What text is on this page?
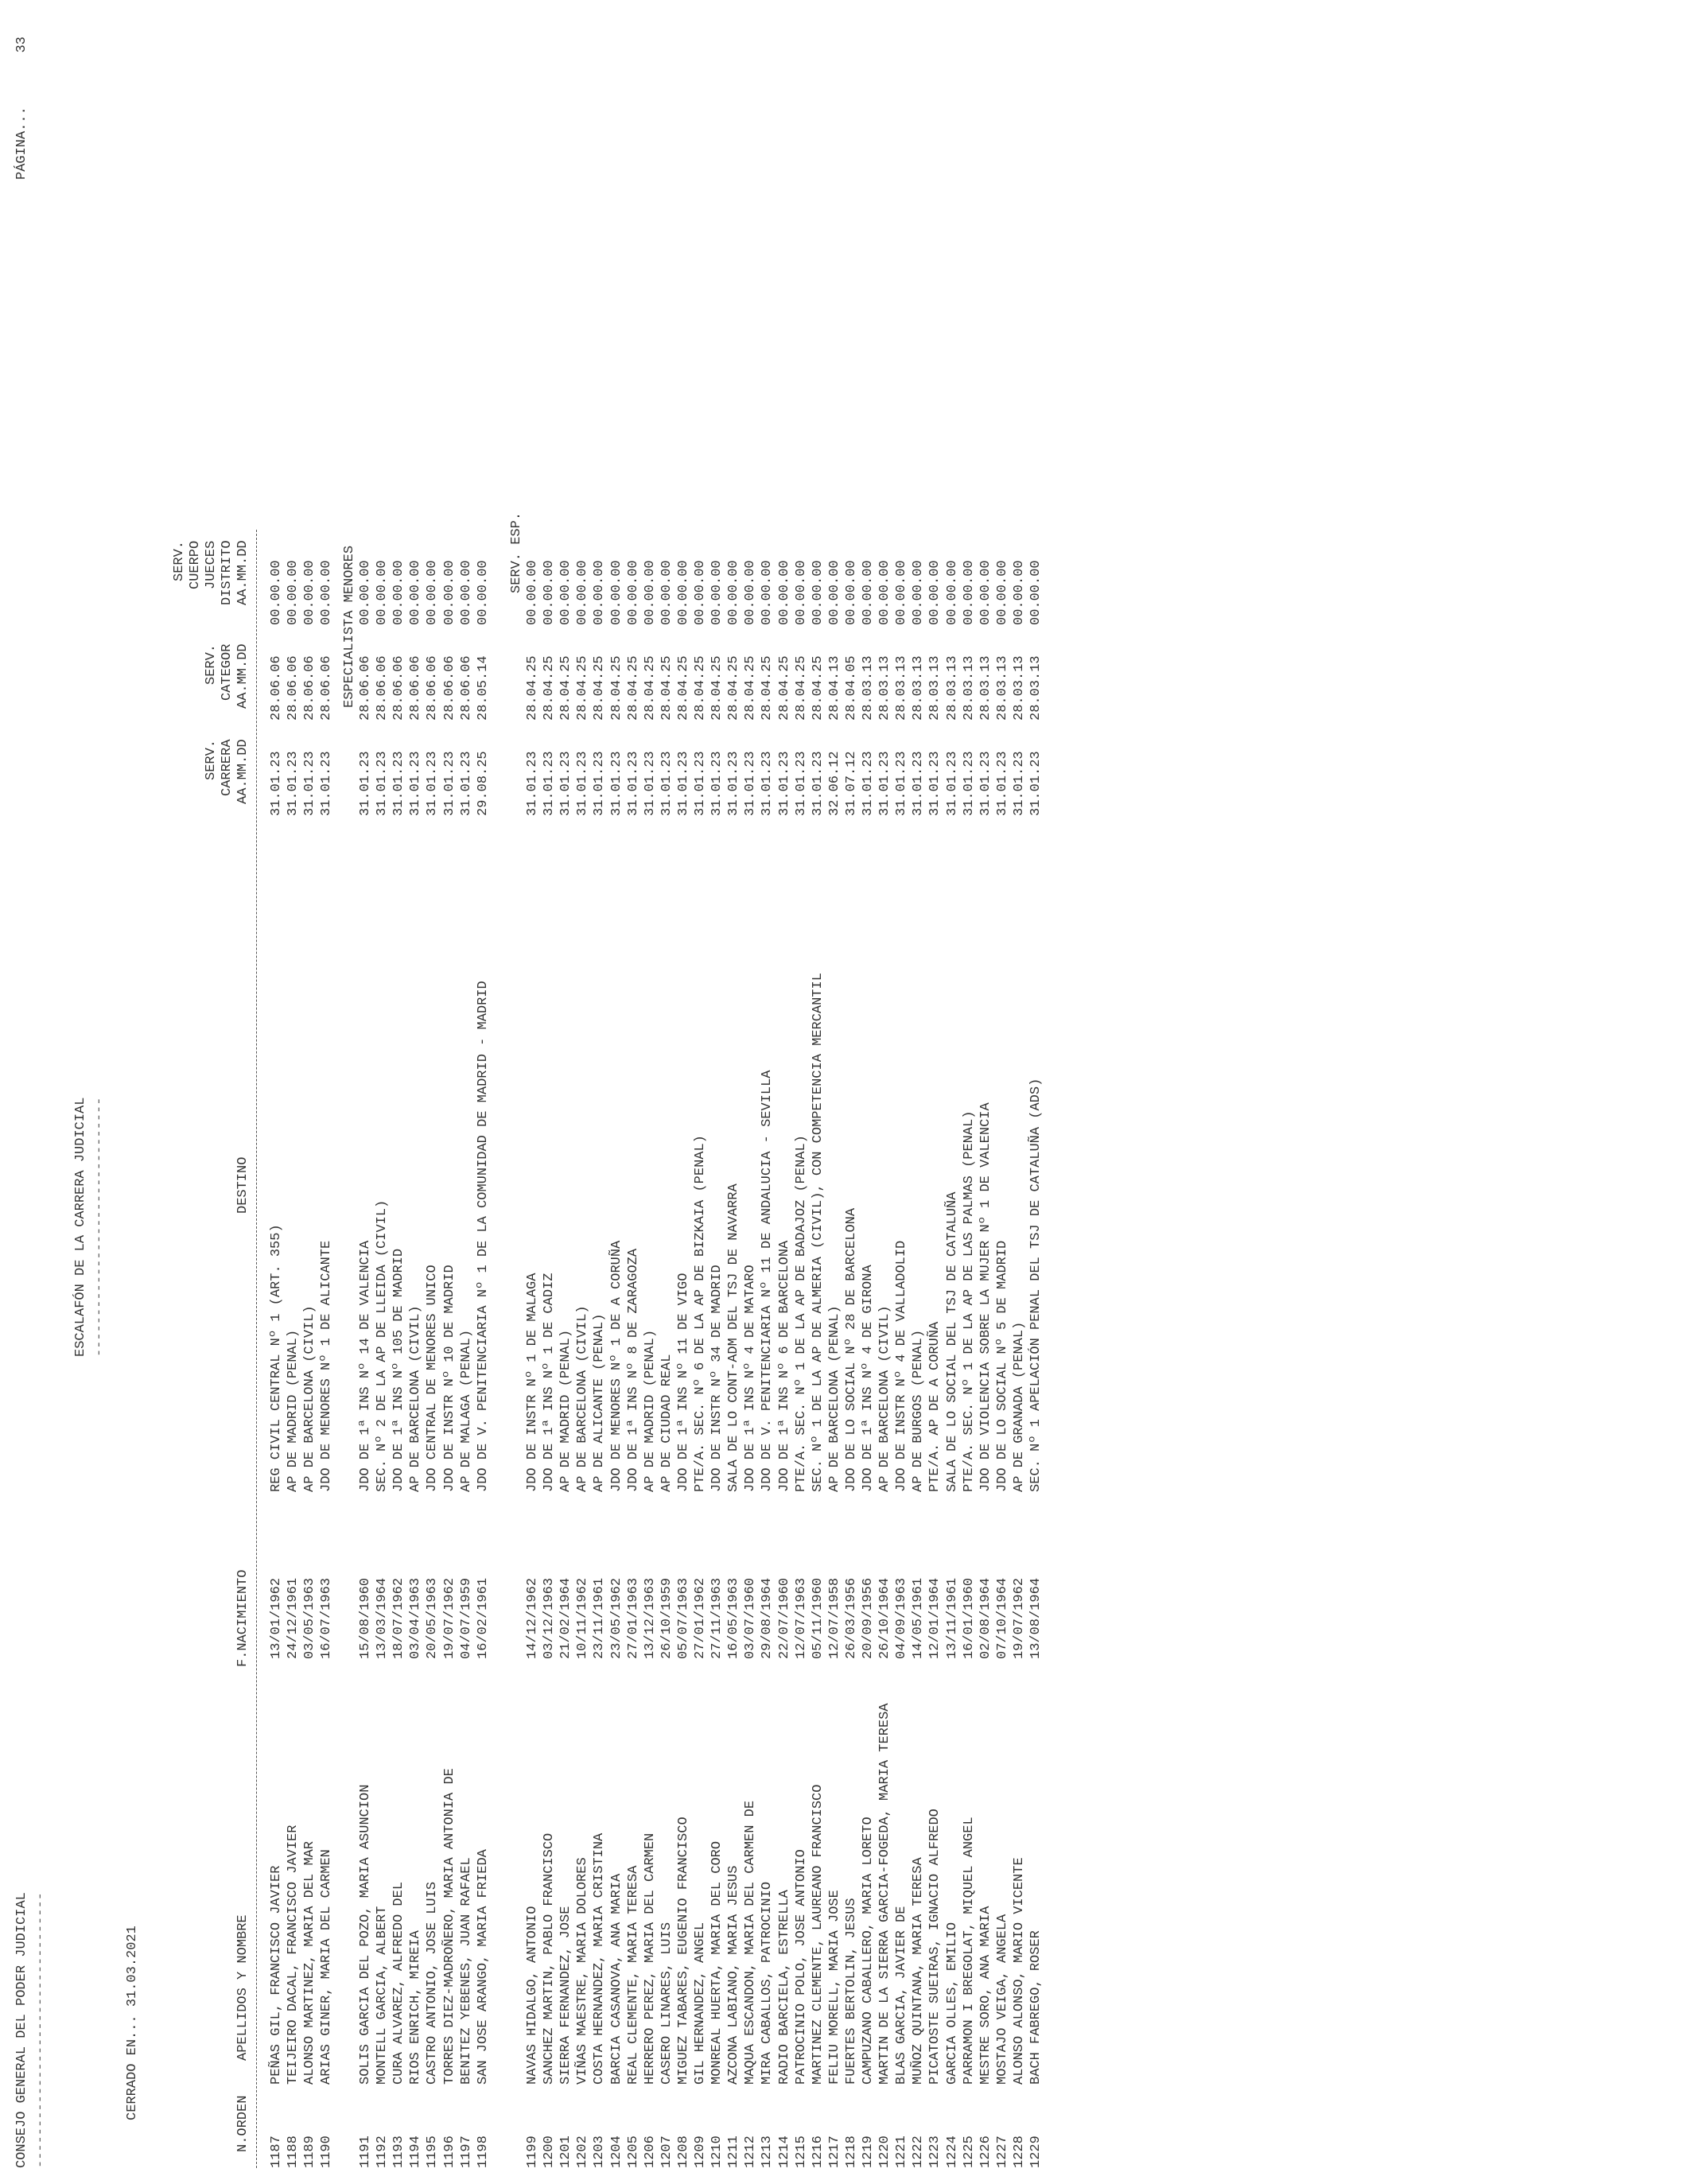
CONSEJO GENERAL DEL PODER JUDICIAL ----------------------------------
ESCALAFÓN DE LA CARRERA JUDICIAL --------------------------------
PÁGINA...
33
CERRADO EN... 31.03.2021
N.ORDEN
APELLIDOS Y NOMBRE
F.NACIMIENTO
DESTINO
SERV. CARRERA AA.MM.DD
SERV. CATEGOR AA.MM.DD
SERV. CUERPO JUECES DISTRITO AA.MM.DD
1187
PEÑAS GIL, FRANCISCO JAVIER
13/01/1962
REG CIVIL CENTRAL Nº 1 (ART. 355)
31.01.23
28.06.06
00.00.00
1188
TEIJEIRO DACAL, FRANCISCO JAVIER
24/12/1961
AP DE MADRID (PENAL)
31.01.23
28.06.06
00.00.00
1189
ALONSO MARTINEZ, MARIA DEL MAR
03/05/1963
AP DE BARCELONA (CIVIL)
31.01.23
28.06.06
00.00.00
1190
ARIAS GINER, MARIA DEL CARMEN
16/07/1963
JDO DE MENORES Nº 1 DE ALICANTE
31.01.23
28.06.06
00.00.00 ESPECIALISTA MENORES
1191
SOLIS GARCIA DEL POZO, MARIA ASUNCION
15/08/1960
JDO DE 1ª INS Nº 14 DE VALENCIA
31.01.23
28.06.06
00.00.00
1192
MONTELL GARCIA, ALBERT
13/03/1964
SEC. Nº 2 DE LA AP DE LLEIDA (CIVIL)
31.01.23
28.06.06
00.00.00
1193
CURA ALVAREZ, ALFREDO DEL
18/07/1962
JDO DE 1ª INS Nº 105 DE MADRID
31.01.23
28.06.06
00.00.00
1194
RIOS ENRICH, MIREIA
03/04/1963
AP DE BARCELONA (CIVIL)
31.01.23
28.06.06
00.00.00
1195
CASTRO ANTONIO, JOSE LUIS
20/05/1963
JDO CENTRAL DE MENORES UNICO
31.01.23
28.06.06
00.00.00
1196
TORRES DIEZ-MADROÑERO, MARIA ANTONIA DE
19/07/1962
JDO DE INSTR Nº 10 DE MADRID
31.01.23
28.06.06
00.00.00
1197
BENITEZ YEBENES, JUAN RAFAEL
04/07/1959
AP DE MALAGA (PENAL)
31.01.23
28.06.06
00.00.00
1198
SAN JOSE ARANGO, MARIA FRIEDA
16/02/1961
JDO DE V. PENITENCIARIA Nº 1 DE LA COMUNIDAD DE MADRID - MADRID
29.08.25
28.05.14
00.00.00 SERV. ESP.
1199
NAVAS HIDALGO, ANTONIO
14/12/1962
JDO DE INSTR Nº 1 DE MALAGA
31.01.23
28.04.25
00.00.00
1200
SANCHEZ MARTIN, PABLO FRANCISCO
03/12/1963
JDO DE 1ª INS Nº 1 DE CADIZ
31.01.23
28.04.25
00.00.00
1201
SIERRA FERNANDEZ, JOSE
21/02/1964
AP DE MADRID (PENAL)
31.01.23
28.04.25
00.00.00
1202
VIÑAS MAESTRE, MARIA DOLORES
10/11/1962
AP DE BARCELONA (CIVIL)
31.01.23
28.04.25
00.00.00
1203
COSTA HERNANDEZ, MARIA CRISTINA
23/11/1961
AP DE ALICANTE (PENAL)
31.01.23
28.04.25
00.00.00
1204
BARCIA CASANOVA, ANA MARIA
23/05/1962
JDO DE MENORES Nº 1 DE A CORUÑA
31.01.23
28.04.25
00.00.00
1205
REAL CLEMENTE, MARIA TERESA
27/01/1963
JDO DE 1ª INS Nº 8 DE ZARAGOZA
31.01.23
28.04.25
00.00.00
1206
HERRERO PEREZ, MARIA DEL CARMEN
13/12/1963
AP DE MADRID (PENAL)
31.01.23
28.04.25
00.00.00
1207
CASERO LINARES, LUIS
26/10/1959
AP DE CIUDAD REAL
31.01.23
28.04.25
00.00.00
1208
MIGUEZ TABARES, EUGENIO FRANCISCO
05/07/1963
JDO DE 1ª INS Nº 11 DE VIGO
31.01.23
28.04.25
00.00.00
1209
GIL HERNANDEZ, ANGEL
27/01/1962
PTE/A. SEC. Nº 6 DE LA AP DE BIZKAIA (PENAL)
31.01.23
28.04.25
00.00.00
1210
MONREAL HUERTA, MARIA DEL CORO
27/11/1963
JDO DE INSTR Nº 34 DE MADRID
31.01.23
28.04.25
00.00.00
1211
AZCONA LABIANO, MARIA JESUS
16/05/1963
SALA DE LO CONT-ADM DEL TSJ DE NAVARRA
31.01.23
28.04.25
00.00.00
1212
MAQUA ESCANDON, MARIA DEL CARMEN DE
03/07/1960
JDO DE 1ª INS Nº 4 DE MATARO
31.01.23
28.04.25
00.00.00
1213
MIRA CABALLOS, PATROCINIO
29/08/1964
JDO DE V. PENITENCIARIA Nº 11 DE ANDALUCIA - SEVILLA
31.01.23
28.04.25
00.00.00
1214
RADIO BARCIELA, ESTRELLA
22/07/1960
JDO DE 1ª INS Nº 6 DE BARCELONA
31.01.23
28.04.25
00.00.00
1215
PATROCINIO POLO, JOSE ANTONIO
12/07/1963
PTE/A. SEC. Nº 1 DE LA AP DE BADAJOZ (PENAL)
31.01.23
28.04.25
00.00.00
1216
MARTINEZ CLEMENTE, LAUREANO FRANCISCO
05/11/1960
SEC. Nº 1 DE LA AP DE ALMERIA (CIVIL), CON COMPETENCIA MERCANTIL
31.01.23
28.04.25
00.00.00
1217
FELIU MORELL, MARIA JOSE
12/07/1958
AP DE BARCELONA (PENAL)
32.06.12
28.04.13
00.00.00
1218
FUERTES BERTOLIN, JESUS
26/03/1956
JDO DE LO SOCIAL Nº 28 DE BARCELONA
31.07.12
28.04.05
00.00.00
1219
CAMPUZANO CABALLERO, MARIA LORETO
20/09/1956
JDO DE 1ª INS Nº 4 DE GIRONA
31.01.23
28.03.13
00.00.00
1220
MARTIN DE LA SIERRA GARCIA-FOGEDA, MARIA TERESA
26/10/1964
AP DE BARCELONA (CIVIL)
31.01.23
28.03.13
00.00.00
1221
BLAS GARCIA, JAVIER DE
04/09/1963
JDO DE INSTR Nº 4 DE VALLADOLID
31.01.23
28.03.13
00.00.00
1222
MUÑOZ QUINTANA, MARIA TERESA
14/05/1961
AP DE BURGOS (PENAL)
31.01.23
28.03.13
00.00.00
1223
PICATOSTE SUEIRAS, IGNACIO ALFREDO
12/01/1964
PTE/A. AP DE A CORUÑA
31.01.23
28.03.13
00.00.00
1224
GARCIA OLLES, EMILIO
13/11/1961
SALA DE LO SOCIAL DEL TSJ DE CATALUÑA
31.01.23
28.03.13
00.00.00
1225
PARRAMON I BREGOLAT, MIQUEL ANGEL
16/01/1960
PTE/A. SEC. Nº 1 DE LA AP DE LAS PALMAS (PENAL)
31.01.23
28.03.13
00.00.00
1226
MESTRE SORO, ANA MARIA
02/08/1964
JDO DE VIOLENCIA SOBRE LA MUJER Nº 1 DE VALENCIA
31.01.23
28.03.13
00.00.00
1227
MOSTAJO VEIGA, ANGELA
07/10/1964
JDO DE LO SOCIAL Nº 5 DE MADRID
31.01.23
28.03.13
00.00.00
1228
ALONSO ALONSO, MARIO VICENTE
19/07/1962
AP DE GRANADA (PENAL)
31.01.23
28.03.13
00.00.00
1229
BACH FABREGO, ROSER
13/08/1964
SEC. Nº 1 APELACIÓN PENAL DEL TSJ DE CATALUÑA (ADS)
31.01.23
28.03.13
00.00.00
